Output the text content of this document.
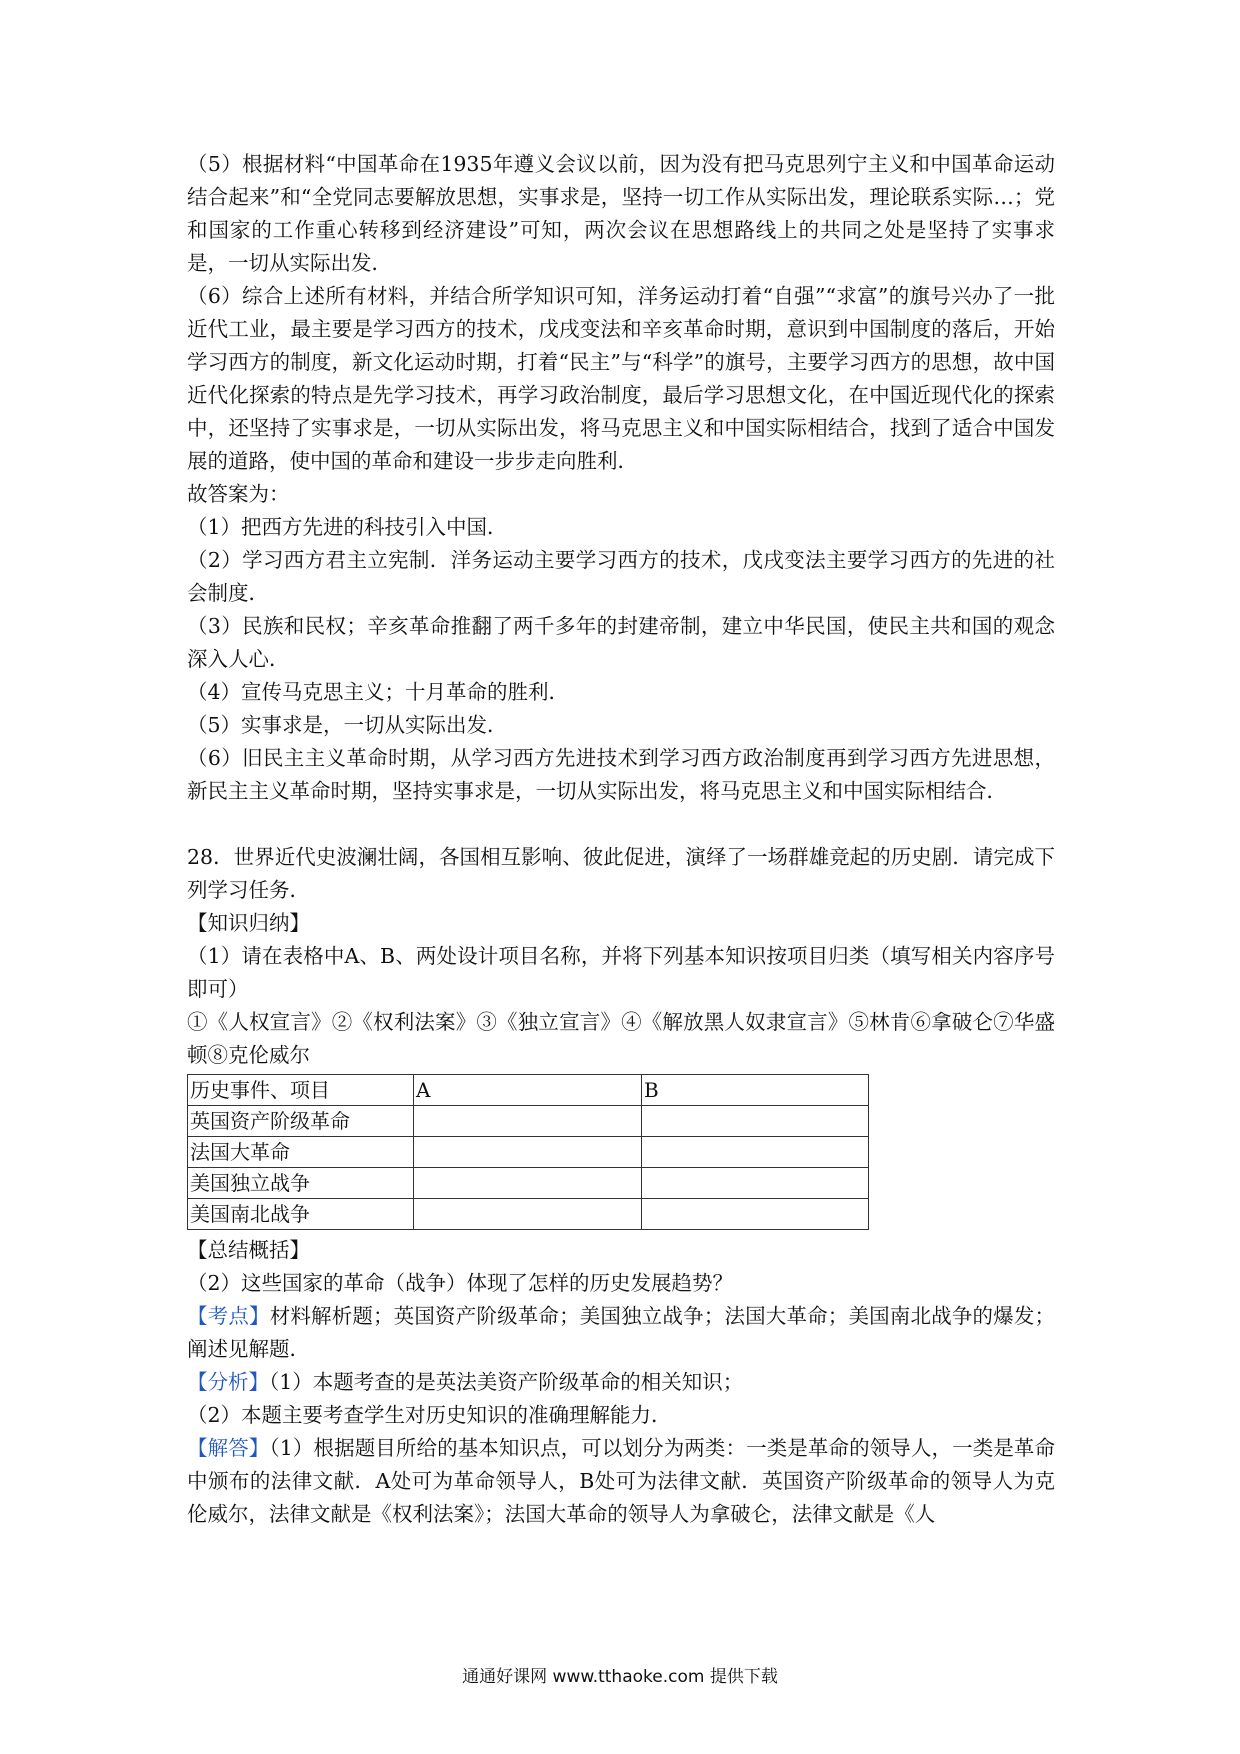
（5）根据材料“中国革命在1935年遵义会议以前，因为没有把马克思列宁主义和中国革命运动结合起来”和“全党同志要解放思想，实事求是，坚持一切工作从实际出发，理论联系实际…；党和国家的工作重心转移到经济建设”可知，两次会议在思想路线上的共同之处是坚持了实事求是，一切从实际出发．

（6）综合上述所有材料，并结合所学知识可知，洋务运动打着“自强”“求富”的旗号兴办了一批近代工业，最主要是学习西方的技术，戊戌变法和辛亥革命时期，意识到中国制度的落后，开始学习西方的制度，新文化运动时期，打着“民主”与“科学”的旗号，主要学习西方的思想，故中国近代化探索的特点是先学习技术，再学习政治制度，最后学习思想文化，在中国近现代化的探索中，还坚持了实事求是，一切从实际出发，将马克思主义和中国实际相结合，找到了适合中国发展的道路，使中国的革命和建设一步步走向胜利．

故答案为：

（1）把西方先进的科技引入中国．

（2）学习西方君主立宪制．洋务运动主要学习西方的技术，戊戌变法主要学习西方的先进的社会制度．

（3）民族和民权；辛亥革命推翻了两千多年的封建帝制，建立中华民国，使民主共和国的观念深入人心．

（4）宣传马克思主义；十月革命的胜利．

（5）实事求是，一切从实际出发．

（6）旧民主主义革命时期，从学习西方先进技术到学习西方政治制度再到学习西方先进思想，新民主主义革命时期，坚持实事求是，一切从实际出发，将马克思主义和中国实际相结合．

28．世界近代史波澜壮阔，各国相互影响、彼此促进，演绎了一场群雄竞起的历史剧．请完成下列学习任务．

【知识归纳】

（1）请在表格中A、B、两处设计项目名称，并将下列基本知识按项目归类（填写相关内容序号即可）

①《人权宣言》②《权利法案》③《独立宣言》④《解放黑人奴隶宣言》⑤林肯⑥拿破仑⑦华盛顿⑧克伦威尔

历史事件、项目	A	B
英国资产阶级革命		
法国大革命		
美国独立战争		
美国南北战争		

【总结概括】

（2）这些国家的革命（战争）体现了怎样的历史发展趋势？

【考点】材料解析题；英国资产阶级革命；美国独立战争；法国大革命；美国南北战争的爆发；阐述见解题．

【分析】（1）本题考查的是英法美资产阶级革命的相关知识；

（2）本题主要考查学生对历史知识的准确理解能力．

【解答】（1）根据题目所给的基本知识点，可以划分为两类：一类是革命的领导人，一类是革命中颁布的法律文献．A处可为革命领导人，B处可为法律文献．英国资产阶级革命的领导人为克伦威尔，法律文献是《权利法案》；法国大革命的领导人为拿破仑，法律文献是《人

通通好课网 www.tthaoke.com 提供下载
